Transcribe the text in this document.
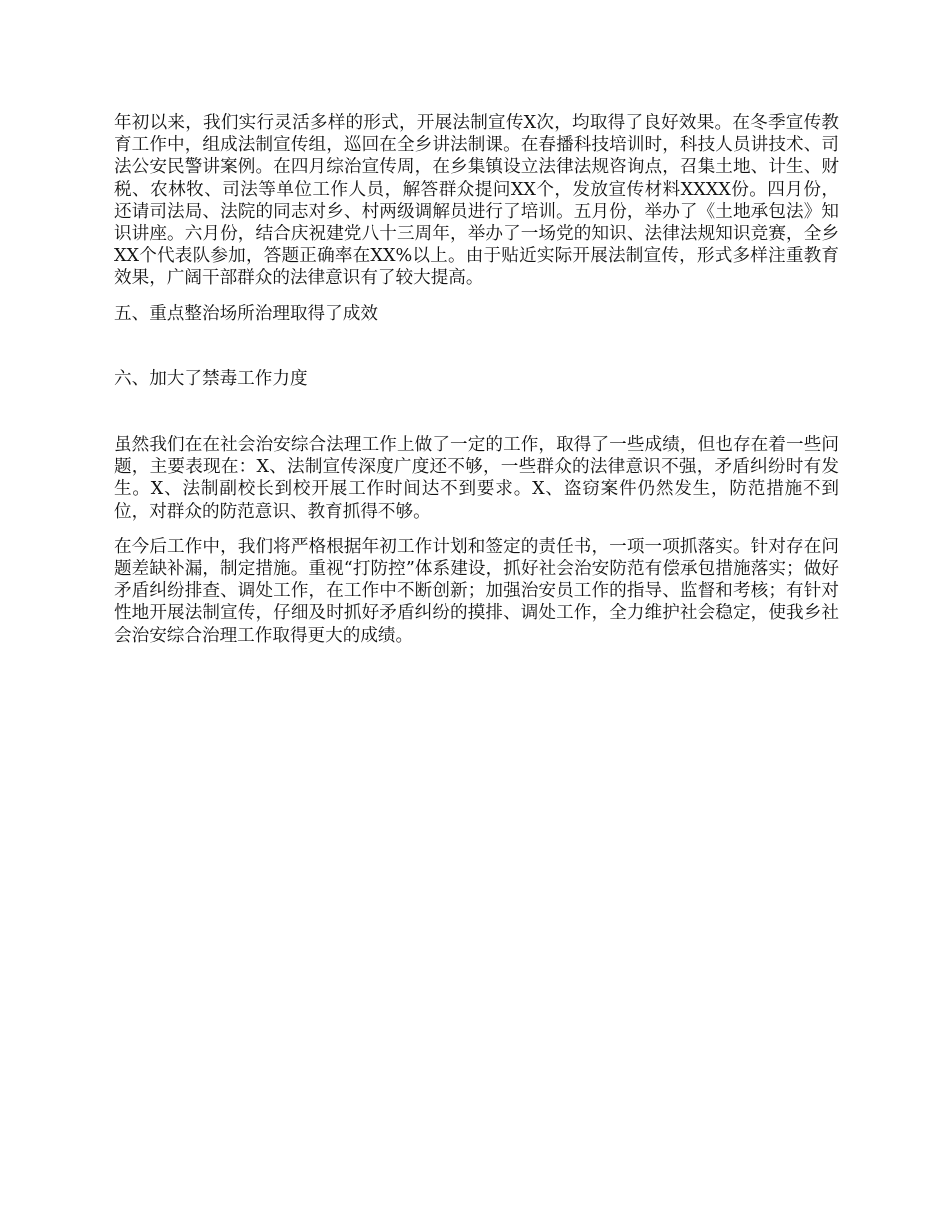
年初以来，我们实行灵活多样的形式，开展法制宣传X次，均取得了良好效果。在冬季宣传教育工作中，组成法制宣传组，巡回在全乡讲法制课。在春播科技培训时，科技人员讲技术、司法公安民警讲案例。在四月综治宣传周，在乡集镇设立法律法规咨询点，召集土地、计生、财税、农林牧、司法等单位工作人员，解答群众提问XX个，发放宣传材料XXXX份。四月份，还请司法局、法院的同志对乡、村两级调解员进行了培训。五月份，举办了《土地承包法》知识讲座。六月份，结合庆祝建党八十三周年，举办了一场党的知识、法律法规知识竞赛，全乡XX个代表队参加，答题正确率在XX%以上。由于贴近实际开展法制宣传，形式多样注重教育效果，广阔干部群众的法律意识有了较大提高。

五、重点整治场所治理取得了成效

六、加大了禁毒工作力度

虽然我们在在社会治安综合法理工作上做了一定的工作，取得了一些成绩，但也存在着一些问题，主要表现在：X、法制宣传深度广度还不够，一些群众的法律意识不强，矛盾纠纷时有发生。X、法制副校长到校开展工作时间达不到要求。X、盗窃案件仍然发生，防范措施不到位，对群众的防范意识、教育抓得不够。

在今后工作中，我们将严格根据年初工作计划和签定的责任书，一项一项抓落实。针对存在问题差缺补漏，制定措施。重视“打防控”体系建设，抓好社会治安防范有偿承包措施落实；做好矛盾纠纷排查、调处工作，在工作中不断创新；加强治安员工作的指导、监督和考核；有针对性地开展法制宣传，仔细及时抓好矛盾纠纷的摸排、调处工作，全力维护社会稳定，使我乡社会治安综合治理工作取得更大的成绩。
